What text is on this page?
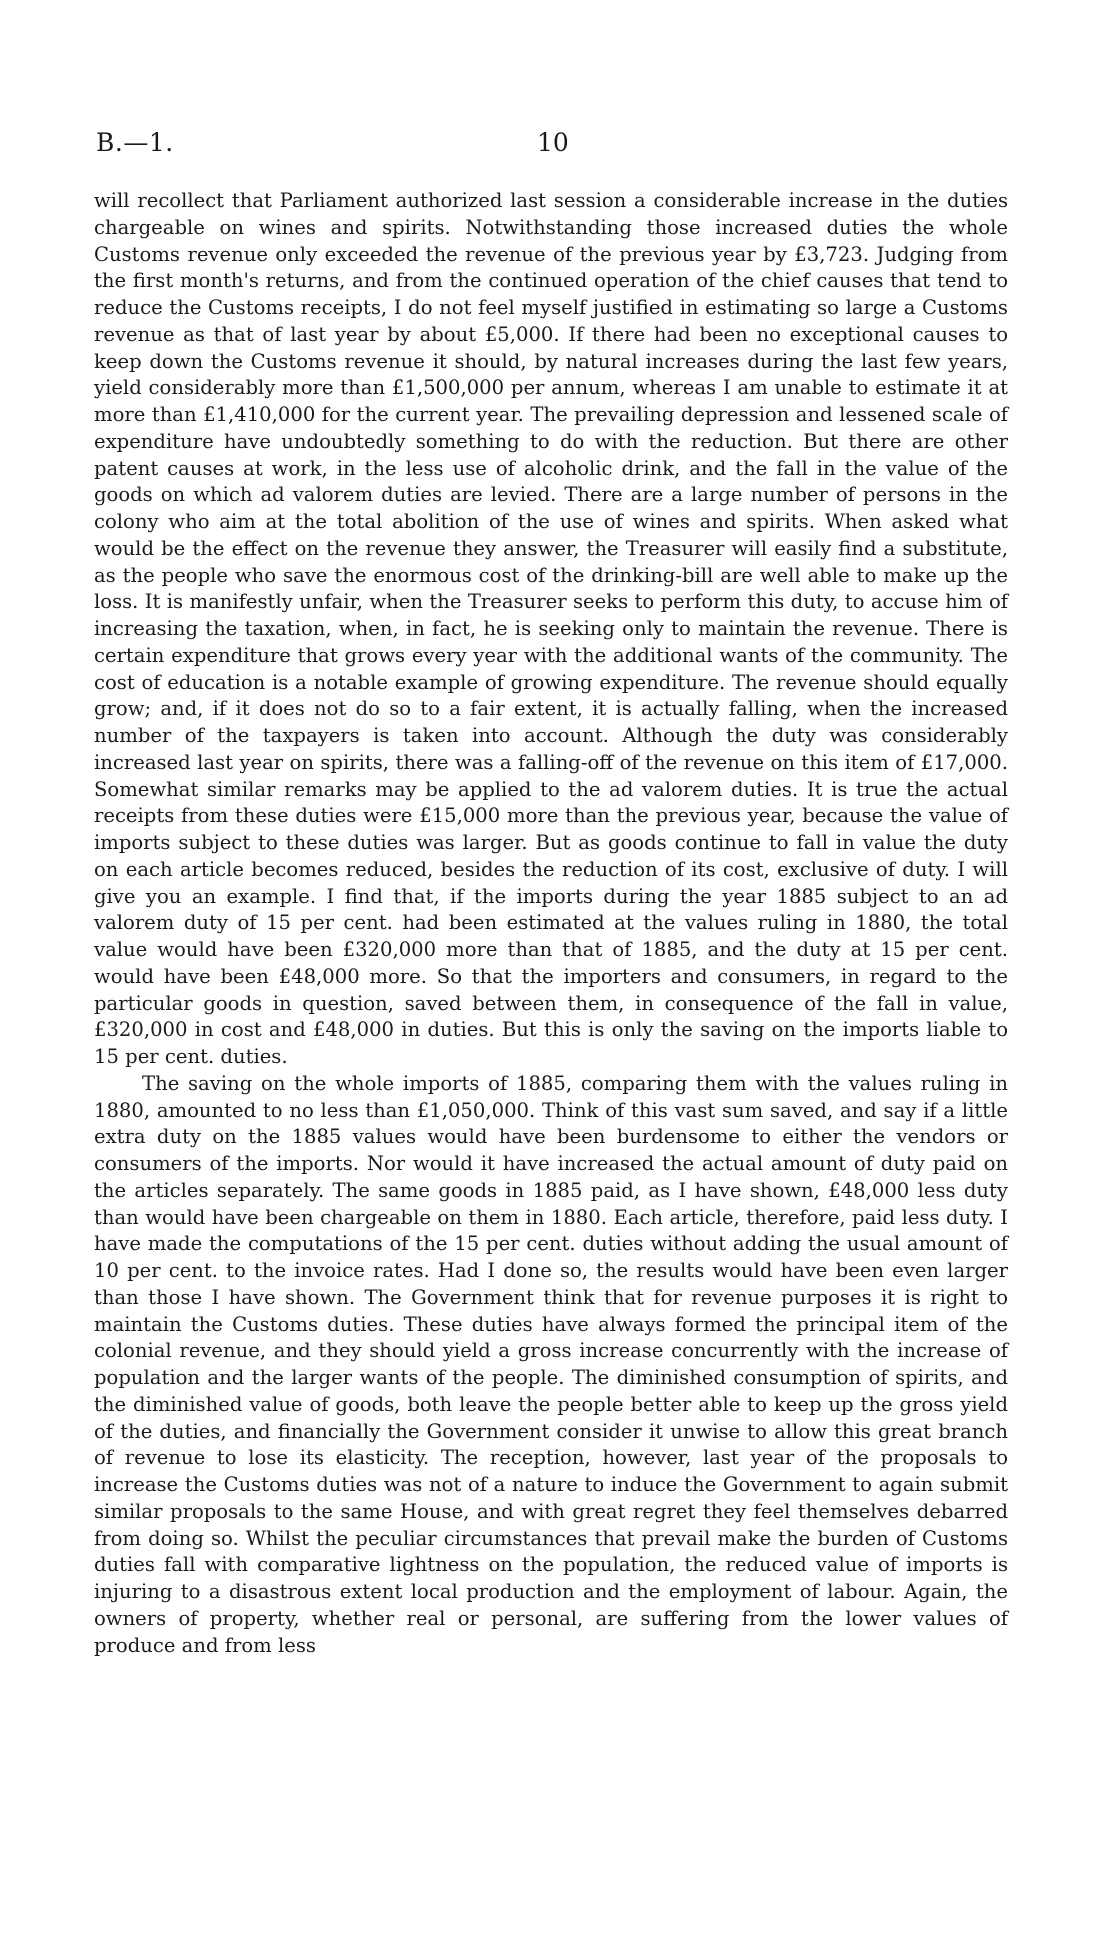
B.—1.	10

will recollect that Parliament authorized last session a considerable increase in the duties chargeable on wines and spirits. Notwithstanding those increased duties the whole Customs revenue only exceeded the revenue of the previous year by £3,723. Judging from the first month's returns, and from the continued operation of the chief causes that tend to reduce the Customs receipts, I do not feel myself justified in estimating so large a Customs revenue as that of last year by about £5,000. If there had been no exceptional causes to keep down the Customs revenue it should, by natural increases during the last few years, yield considerably more than £1,500,000 per annum, whereas I am unable to estimate it at more than £1,410,000 for the current year. The prevailing depression and lessened scale of expenditure have undoubtedly something to do with the reduction. But there are other patent causes at work, in the less use of alcoholic drink, and the fall in the value of the goods on which ad valorem duties are levied. There are a large number of persons in the colony who aim at the total abolition of the use of wines and spirits. When asked what would be the effect on the revenue they answer, the Treasurer will easily find a substitute, as the people who save the enormous cost of the drinking-bill are well able to make up the loss. It is manifestly unfair, when the Treasurer seeks to perform this duty, to accuse him of increasing the taxation, when, in fact, he is seeking only to maintain the revenue. There is certain expenditure that grows every year with the additional wants of the community. The cost of education is a notable example of growing expenditure. The revenue should equally grow; and, if it does not do so to a fair extent, it is actually falling, when the increased number of the taxpayers is taken into account. Although the duty was considerably increased last year on spirits, there was a falling-off of the revenue on this item of £17,000. Somewhat similar remarks may be applied to the ad valorem duties. It is true the actual receipts from these duties were £15,000 more than the previous year, because the value of imports subject to these duties was larger. But as goods continue to fall in value the duty on each article becomes reduced, besides the reduction of its cost, exclusive of duty. I will give you an example. I find that, if the imports during the year 1885 subject to an ad valorem duty of 15 per cent. had been estimated at the values ruling in 1880, the total value would have been £320,000 more than that of 1885, and the duty at 15 per cent. would have been £48,000 more. So that the importers and consumers, in regard to the particular goods in question, saved between them, in consequence of the fall in value, £320,000 in cost and £48,000 in duties. But this is only the saving on the imports liable to 15 per cent. duties.

The saving on the whole imports of 1885, comparing them with the values ruling in 1880, amounted to no less than £1,050,000. Think of this vast sum saved, and say if a little extra duty on the 1885 values would have been burdensome to either the vendors or consumers of the imports. Nor would it have increased the actual amount of duty paid on the articles separately. The same goods in 1885 paid, as I have shown, £48,000 less duty than would have been chargeable on them in 1880. Each article, therefore, paid less duty. I have made the computations of the 15 per cent. duties without adding the usual amount of 10 per cent. to the invoice rates. Had I done so, the results would have been even larger than those I have shown. The Government think that for revenue purposes it is right to maintain the Customs duties. These duties have always formed the principal item of the colonial revenue, and they should yield a gross increase concurrently with the increase of population and the larger wants of the people. The diminished consumption of spirits, and the diminished value of goods, both leave the people better able to keep up the gross yield of the duties, and financially the Government consider it unwise to allow this great branch of revenue to lose its elasticity. The reception, however, last year of the proposals to increase the Customs duties was not of a nature to induce the Government to again submit similar proposals to the same House, and with great regret they feel themselves debarred from doing so. Whilst the peculiar circumstances that prevail make the burden of Customs duties fall with comparative lightness on the population, the reduced value of imports is injuring to a disastrous extent local production and the employment of labour. Again, the owners of property, whether real or personal, are suffering from the lower values of produce and from less
